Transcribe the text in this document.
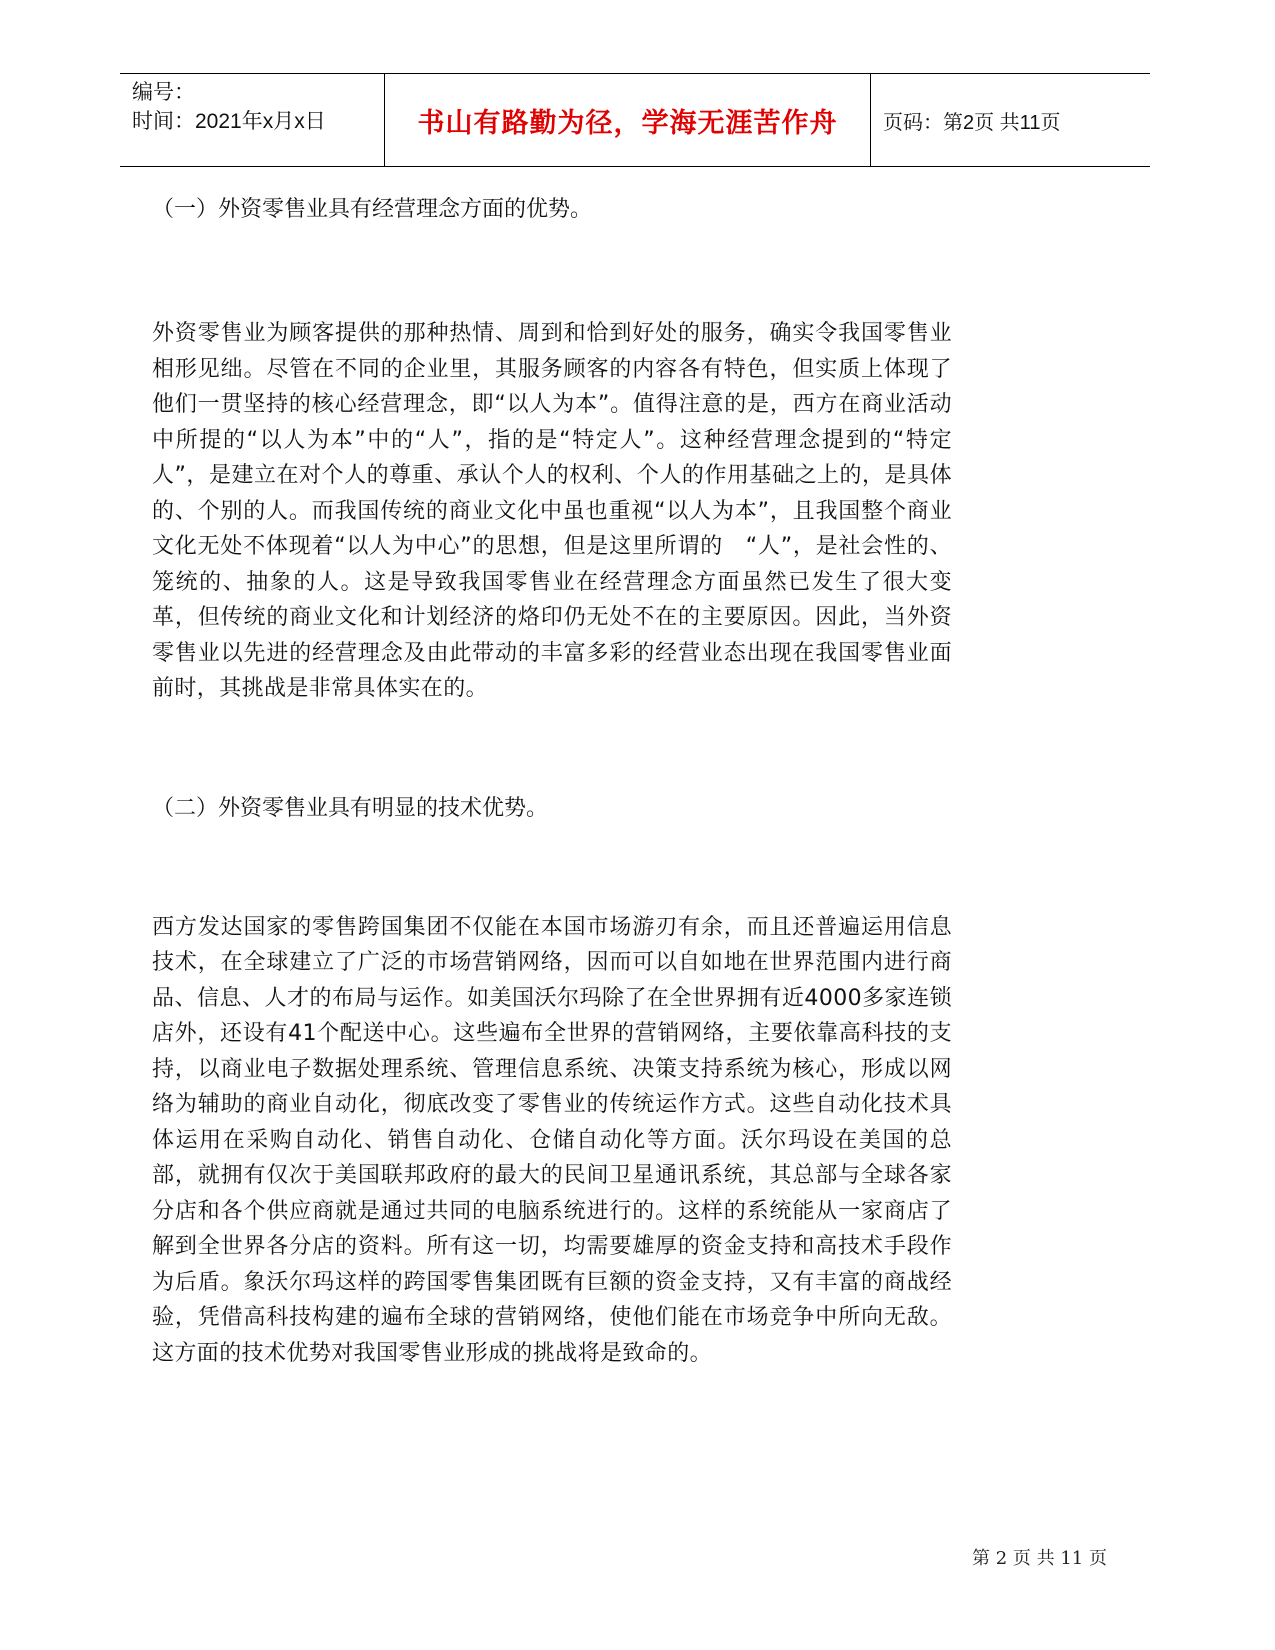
编号：
时间：2021年x月x日	书山有路勤为径，学海无涯苦作舟	页码：第2页 共11页

（一）外资零售业具有经营理念方面的优势。

外资零售业为顾客提供的那种热情、周到和恰到好处的服务，确实令我国零售业相形见绌。尽管在不同的企业里，其服务顾客的内容各有特色，但实质上体现了他们一贯坚持的核心经营理念，即“以人为本”。值得注意的是，西方在商业活动中所提的“以人为本”中的“人”，指的是“特定人”。这种经营理念提到的“特定人”，是建立在对个人的尊重、承认个人的权利、个人的作用基础之上的，是具体的、个别的人。而我国传统的商业文化中虽也重视“以人为本”，且我国整个商业文化无处不体现着“以人为中心”的思想，但是这里所谓的　“人”，是社会性的、笼统的、抽象的人。这是导致我国零售业在经营理念方面虽然已发生了很大变革，但传统的商业文化和计划经济的烙印仍无处不在的主要原因。因此，当外资零售业以先进的经营理念及由此带动的丰富多彩的经营业态出现在我国零售业面前时，其挑战是非常具体实在的。

（二）外资零售业具有明显的技术优势。

西方发达国家的零售跨国集团不仅能在本国市场游刃有余，而且还普遍运用信息技术，在全球建立了广泛的市场营销网络，因而可以自如地在世界范围内进行商品、信息、人才的布局与运作。如美国沃尔玛除了在全世界拥有近4000多家连锁店外，还设有41个配送中心。这些遍布全世界的营销网络，主要依靠高科技的支持，以商业电子数据处理系统、管理信息系统、决策支持系统为核心，形成以网络为辅助的商业自动化，彻底改变了零售业的传统运作方式。这些自动化技术具体运用在采购自动化、销售自动化、仓储自动化等方面。沃尔玛设在美国的总部，就拥有仅次于美国联邦政府的最大的民间卫星通讯系统，其总部与全球各家分店和各个供应商就是通过共同的电脑系统进行的。这样的系统能从一家商店了解到全世界各分店的资料。所有这一切，均需要雄厚的资金支持和高技术手段作为后盾。象沃尔玛这样的跨国零售集团既有巨额的资金支持，又有丰富的商战经验，凭借高科技构建的遍布全球的营销网络，使他们能在市场竞争中所向无敌。这方面的技术优势对我国零售业形成的挑战将是致命的。

第 2 页 共 11 页
